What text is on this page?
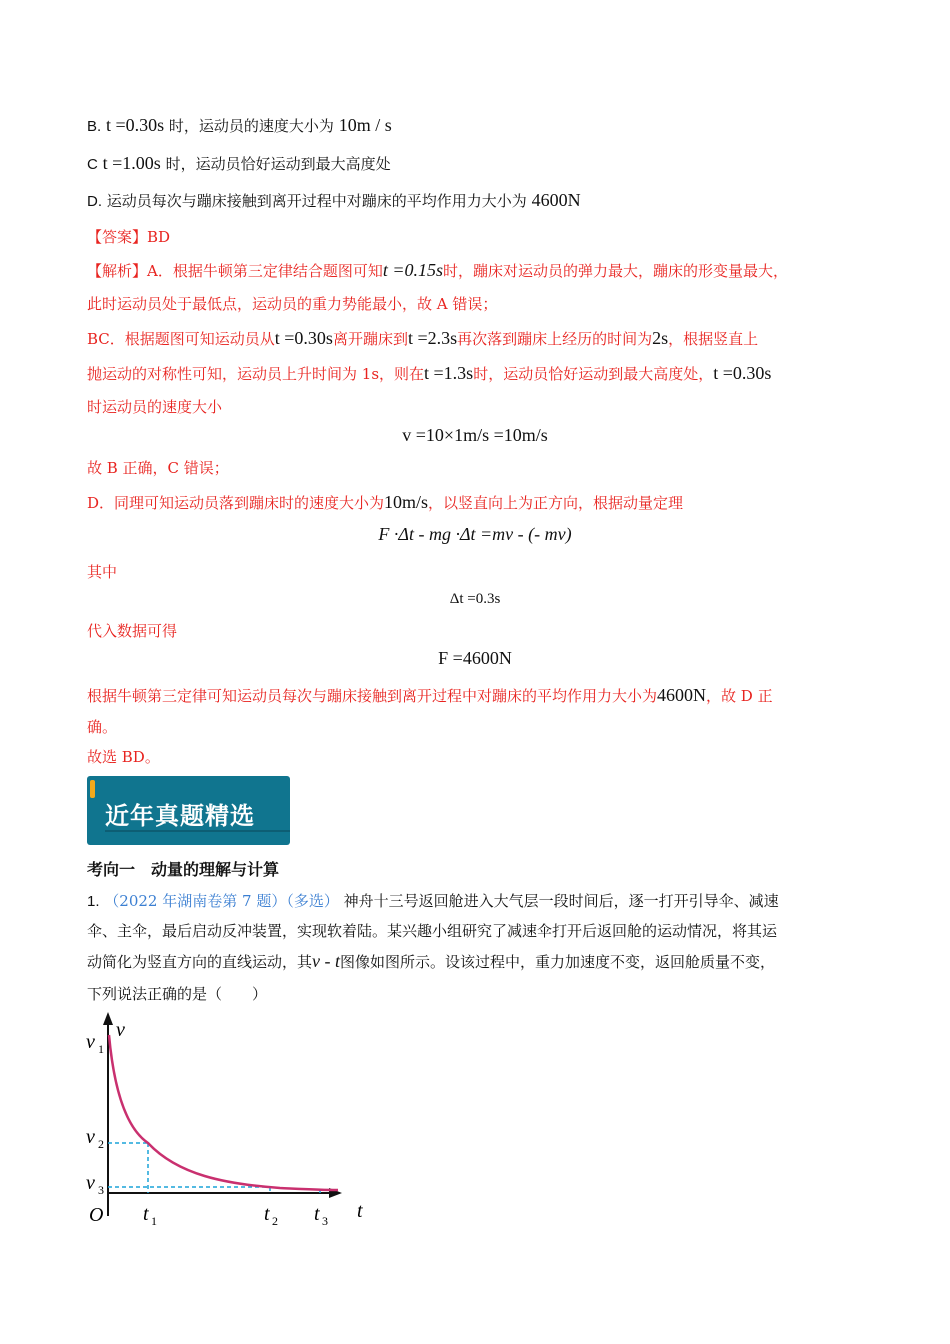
B. t =0.30s 时，运动员的速度大小为 10m / s
C t =1.00s 时，运动员恰好运动到最大高度处
D. 运动员每次与蹦床接触到离开过程中对蹦床的平均作用力大小为 4600N
【答案】BD
【解析】A．根据牛顿第三定律结合题图可知t =0.15s时，蹦床对运动员的弹力最大，蹦床的形变量最大，
此时运动员处于最低点，运动员的重力势能最小，故 A 错误；
BC．根据题图可知运动员从t =0.30s离开蹦床到t =2.3s再次落到蹦床上经历的时间为2s，根据竖直上
抛运动的对称性可知，运动员上升时间为 1s，则在t =1.3s时，运动员恰好运动到最大高度处，t =0.30s
时运动员的速度大小
v =10×1m/s =10m/s
故 B 正确，C 错误；
D．同理可知运动员落到蹦床时的速度大小为10m/s，以竖直向上为正方向，根据动量定理
F ·Δt - mg ·Δt =mv - (- mv)
其中
Δt =0.3s
代入数据可得
F =4600N
根据牛顿第三定律可知运动员每次与蹦床接触到离开过程中对蹦床的平均作用力大小为4600N，故 D 正
确。
故选 BD。
近年真题精选
考向一　动量的理解与计算
1. （2022 年湖南卷第 7 题）（多选） 神舟十三号返回舱进入大气层一段时间后，逐一打开引导伞、减速
伞、主伞，最后启动反冲装置，实现软着陆。某兴趣小组研究了减速伞打开后返回舱的运动情况，将其运
动简化为竖直方向的直线运动，其v - t图像如图所示。设该过程中，重力加速度不变，返回舱质量不变，
下列说法正确的是（　　）
v
t
O
v 1
v 2
v 3
t 1	t 2 t 3
